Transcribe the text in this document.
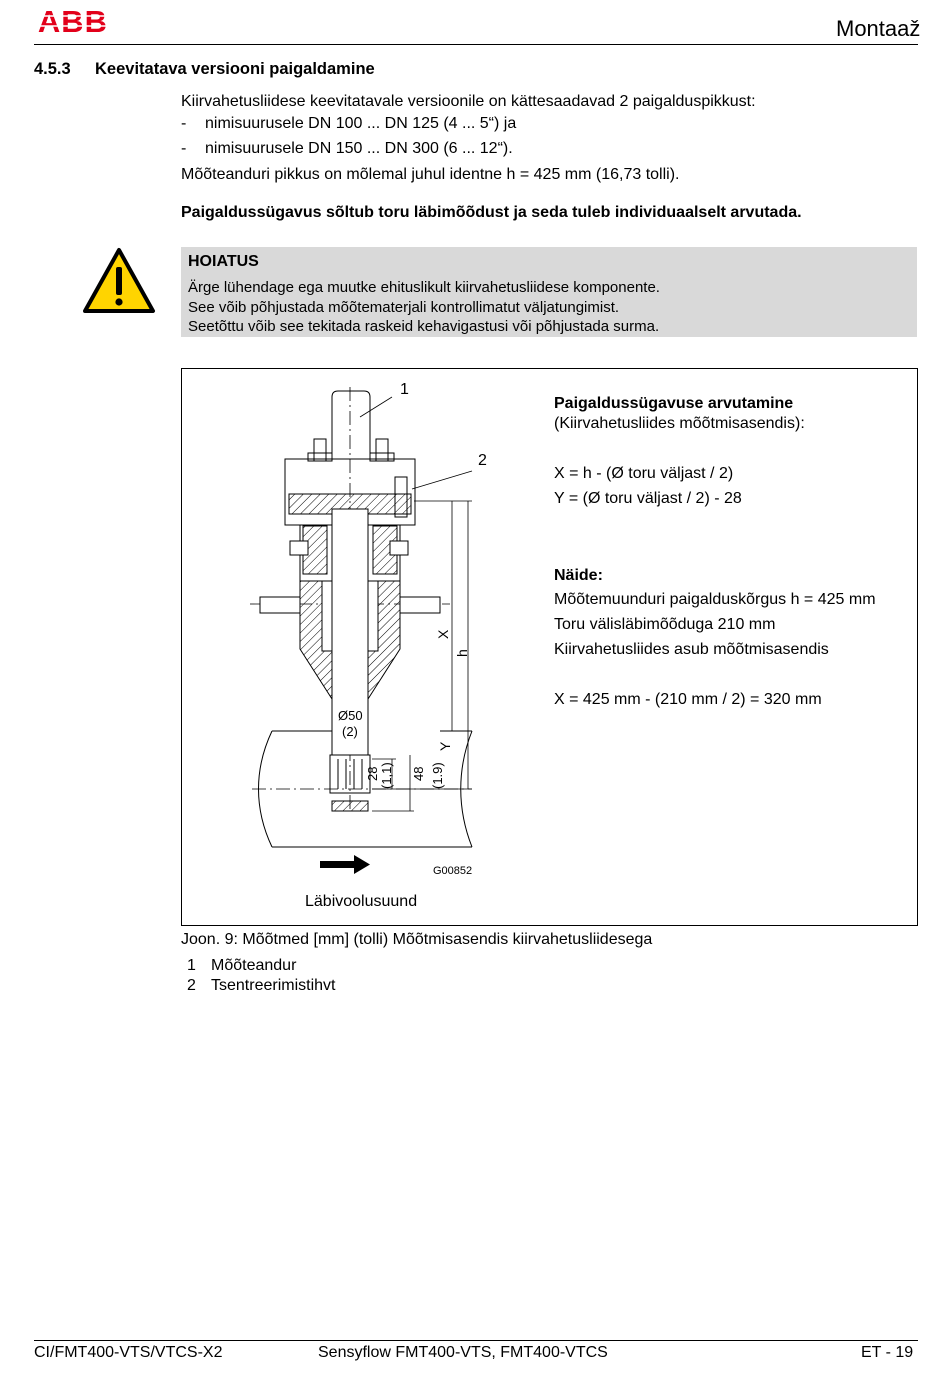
ABB	Montaaž
4.5.3 Keevitatava versiooni paigaldamine
Kiirvahetusliidese keevitatavale versioonile on kättesaadavad 2 paigalduspikkust:
- nimisuurusele DN 100 ... DN 125 (4 ... 5“) ja
- nimisuurusele DN 150 ... DN 300 (6 ... 12“).
Mõõteanduri pikkus on mõlemal juhul identne h = 425 mm (16,73 tolli).
Paigaldussügavus sõltub toru läbimõõdust ja seda tuleb individuaalselt arvutada.
HOIATUS
Ärge lühendage ega muutke ehituslikult kiirvahetusliidese komponente.
See võib põhjustada mõõtematerjali kontrollimatut väljatungimist.
Seetõttu võib see tekitada raskeid kehavigastusi või põhjustada surma.
1
2
X
h
Y
Ø50
(2)
28 (1,1) 48 (1.9)
G00852
Läbivoolusuund
Paigaldussügavuse arvutamine
(Kiirvahetusliides mõõtmisasendis):
X = h - (Ø toru väljast / 2)
Y = (Ø toru väljast / 2) - 28
Näide:
Mõõtemuunduri paigalduskõrgus h = 425 mm
Toru välisläbimõõduga 210 mm
Kiirvahetusliides asub mõõtmisasendis
X = 425 mm - (210 mm / 2) = 320 mm
Joon. 9: Mõõtmed [mm] (tolli) Mõõtmisasendis kiirvahetusliidesega
1 Mõõteandur
2 Tsentreerimistihvt
CI/FMT400-VTS/VTCS-X2	Sensyflow FMT400-VTS, FMT400-VTCS	ET - 19
